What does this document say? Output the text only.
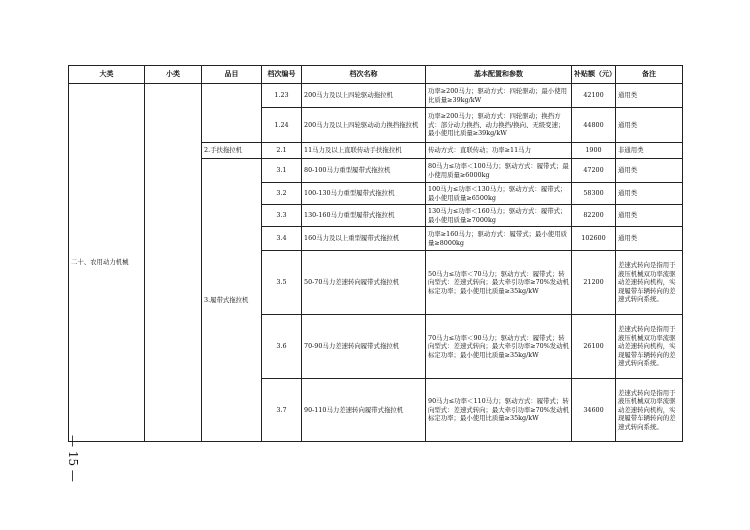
大类	小类	品目	档次编号	档次名称	基本配置和参数	补贴额（元）	备注
二十、农用动力机械			1.23	200马力及以上四轮驱动拖拉机	功率≥200马力；驱动方式：四轮驱动；最小使用比质量≥39kg/kW	42100	通用类
			1.24	200马力及以上四轮驱动动力换挡拖拉机	功率≥200马力；驱动方式：四轮驱动；换挡方式：部分动力换挡、动力换挡/换向、无级变速；最小使用比质量≥39kg/kW	44800	通用类
		2.手扶拖拉机	2.1	11马力及以上直联传动手扶拖拉机	传动方式：直联传动；功率≥11马力	1900	非通用类
		3.履带式拖拉机	3.1	80-100马力重型履带式拖拉机	80马力≤功率＜100马力；驱动方式：履带式；最小使用质量≥6000kg	47200	通用类
			3.2	100-130马力重型履带式拖拉机	100马力≤功率＜130马力；驱动方式：履带式；最小使用质量≥6500kg	58300	通用类
			3.3	130-160马力重型履带式拖拉机	130马力≤功率＜160马力；驱动方式：履带式；最小使用质量≥7000kg	82200	通用类
			3.4	160马力及以上重型履带式拖拉机	功率≥160马力；驱动方式：履带式；最小使用质量≥8000kg	102600	通用类
			3.5	50-70马力差速转向履带式拖拉机	50马力≤功率＜70马力；驱动方式：履带式；转向型式：差速式转向；最大牵引功率≥70%发动机标定功率；最小使用比质量≥35kg/kW	21200	差速式转向是指用于液压机械双功率流驱动差速转向机构，实现履带车辆转向的差速式转向系统。
			3.6	70-90马力差速转向履带式拖拉机	70马力≤功率＜90马力；驱动方式：履带式；转向型式：差速式转向；最大牵引功率≥70%发动机标定功率；最小使用比质量≥35kg/kW	26100	差速式转向是指用于液压机械双功率流驱动差速转向机构，实现履带车辆转向的差速式转向系统。
			3.7	90-110马力差速转向履带式拖拉机	90马力≤功率＜110马力；驱动方式：履带式；转向型式：差速式转向；最大牵引功率≥70%发动机标定功率；最小使用比质量≥35kg/kW	34600	差速式转向是指用于液压机械双功率流驱动差速转向机构，实现履带车辆转向的差速式转向系统。
— 15 —
